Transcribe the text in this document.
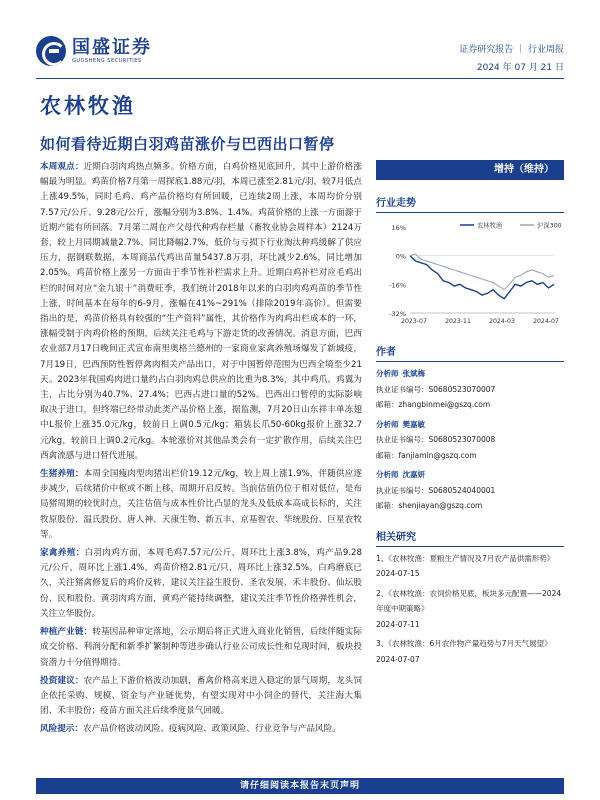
国盛证券
GUOSHENG SECURITIES
证券研究报告 ｜ 行业周报
2024 年 07 月 21 日
农林牧渔
如何看待近期白羽鸡苗涨价与巴西出口暂停

本周观点：近期白羽肉鸡热点频多。价格方面，白鸡价格见底回升，其中上游价格涨幅最为明显。鸡苗价格7月第一周探底1.88元/羽，本周已涨至2.81元/羽，较7月低点上涨49.5%，同时毛鸡、鸡产品价格均有所回暖，已连续2周上涨，本周均价分别7.57元/公斤、9.28元/公斤，涨幅分别为3.8%、1.4%。鸡苗价格的上涨一方面源于近期产能有所回落。7月第二周在产父母代种鸡存栏量（畜牧业协会周样本）2124万套，较上月同期减量2.7%、同比降幅2.7%，低价与亏损下行业淘汰种鸡缓解了供应压力，据钢联数据，本周商品代鸡出苗量5437.8万羽，环比减少2.6%，同比增加2.05%。鸡苗价格上涨另一方面由于季节性补栏需求上升。近期白鸡补栏对应毛鸡出栏的时间对应“金九银十”消费旺季，我们统计2018年以来的白羽肉鸡鸡苗的季节性上涨，时间基本在每年的6-9月，涨幅在41%~291%（排除2019年高价）。但需要指出的是，鸡苗价格具有较强的“生产资料”属性，其价格作为肉鸡出栏成本的一环，涨幅受制于肉鸡价格的预期，后续关注毛鸡与下游走货的改善情况。消息方面，巴西农业部7月17日晚间正式宣布南里奥格兰德州的一家商业家禽养殖场爆发了新城疫，7月19日，巴西预防性暂停禽肉相关产品出口，对于中国暂停范围为巴西全境至少21天。2023年我国鸡肉进口量约占白羽肉鸡总供应的比重为8.3%，其中鸡爪、鸡翼为主，占比分别为40.7%、27.4%；巴西占进口量的52%。巴西出口暂停的实际影响取决于进口，但终端已经带动此类产品价格上涨，据监测，7月20日山东祥丰单冻翅中L报价上涨35.0元/kg，较前日上调0.5元/kg；箱装长爪50-60kg报价上涨32.7元/kg，较前日上调0.2元/kg。本轮涨价对其他品类会有一定扩散作用，后续关注巴西禽流感与进口替代进展。

生猪养殖：本周全国瘦肉型肉猪出栏价19.12元/kg，较上周上涨1.9%，伴随供应逐步减少，后续猪价中枢或不断上移，周期开启反转。当前估值仍位于相对低位，是布局猪周期的较优时点，关注估值与成本性价比凸显的龙头及低成本高成长标的，关注牧原股份、温氏股份、唐人神、天康生物、新五丰、京基智农、华统股份、巨星农牧等。

家禽养殖：白羽肉鸡方面，本周毛鸡7.57元/公斤，周环比上涨3.8%，鸡产品9.28元/公斤，周环比上涨1.4%，鸡苗价格2.81元/只，周环比上涨32.5%。白鸡磨底已久，关注猪禽修复后的鸡价反转，建议关注益生股份、圣农发展、禾丰股份、仙坛股份、民和股份。黄羽肉鸡方面，黄鸡产能持续调整，建议关注季节性价格弹性机会，关注立华股份。

种植产业链：转基因品种审定落地，公示期后将正式进入商业化销售，后续伴随实际成交价格、利润分配和新季扩繁制种等进步确认行业公司成长性和兑现时间，板块投资潜力十分值得期待。

投资建议：农产品上下游价格波动加剧，畜禽价格高来进入稳定的景气周期，龙头饲企依托采购、规模、资金与产业链优势，有望实现对中小饲企的替代，关注海大集团、禾丰股份；疫苗方面关注后续季度景气回暖。

风险提示：农产品价格波动风险、疫病风险、政策风险、行业竞争与产品风险。

增持（维持）
行业走势
16%
0%
-16%
-32%
2023-07	2023-11	2024-03	2024-07
农林牧渔	沪深300
作者
分析师 张斌梅
执业证书编号：S0680523070007
邮箱：zhangbinmei@gszq.com
分析师 樊嘉敏
执业证书编号：S0680523070008
邮箱：fanjiamin@gszq.com
分析师 沈嘉妍
执业证书编号：S0680524040001
邮箱：shenjiayan@gszq.com
相关研究
1、《农林牧渔：夏粮生产情况及7月农产品供需形势》
2024-07-15
2、《农林牧渔：农饲价格见底，板块多元配置——2024年度中期策略》
2024-07-11
3、《农林牧渔：6月农作物产量趋势与7月天气展望》
2024-07-07
请仔细阅读本报告末页声明
